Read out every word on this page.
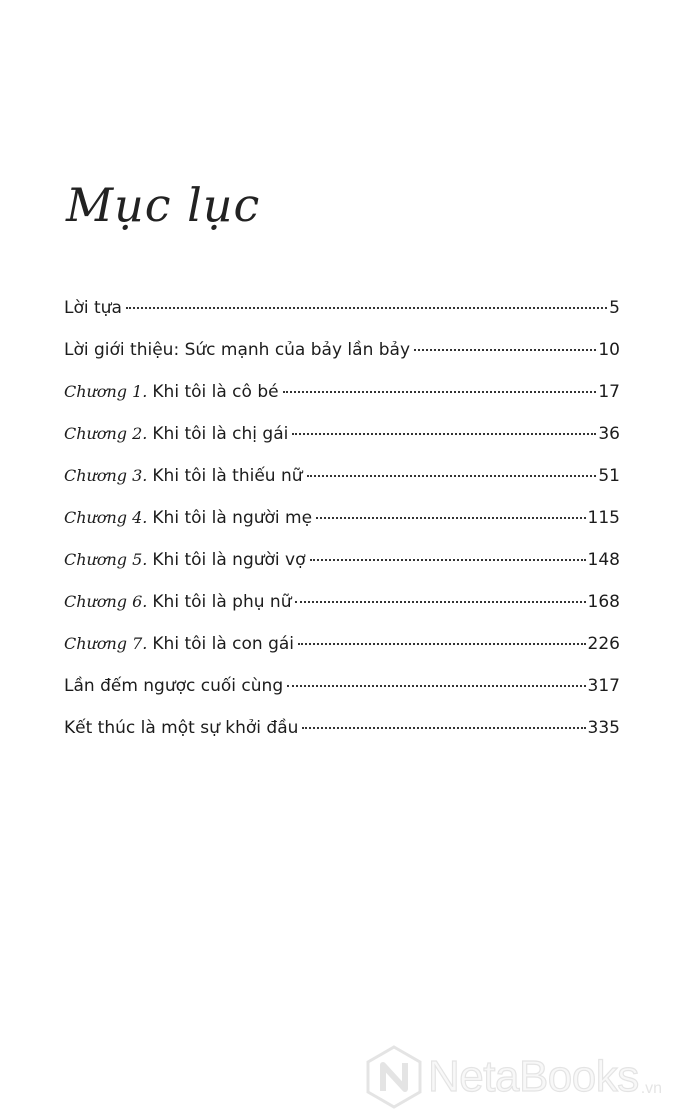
Mục lục
Lời tựa	5
Lời giới thiệu: Sức mạnh của bảy lần bảy	10
Chương 1. Khi tôi là cô bé	17
Chương 2. Khi tôi là chị gái	36
Chương 3. Khi tôi là thiếu nữ	51
Chương 4. Khi tôi là người mẹ	115
Chương 5. Khi tôi là người vợ	148
Chương 6. Khi tôi là phụ nữ	168
Chương 7. Khi tôi là con gái	226
Lần đếm ngược cuối cùng	317
Kết thúc là một sự khởi đầu	335
NetaBooks .vn
